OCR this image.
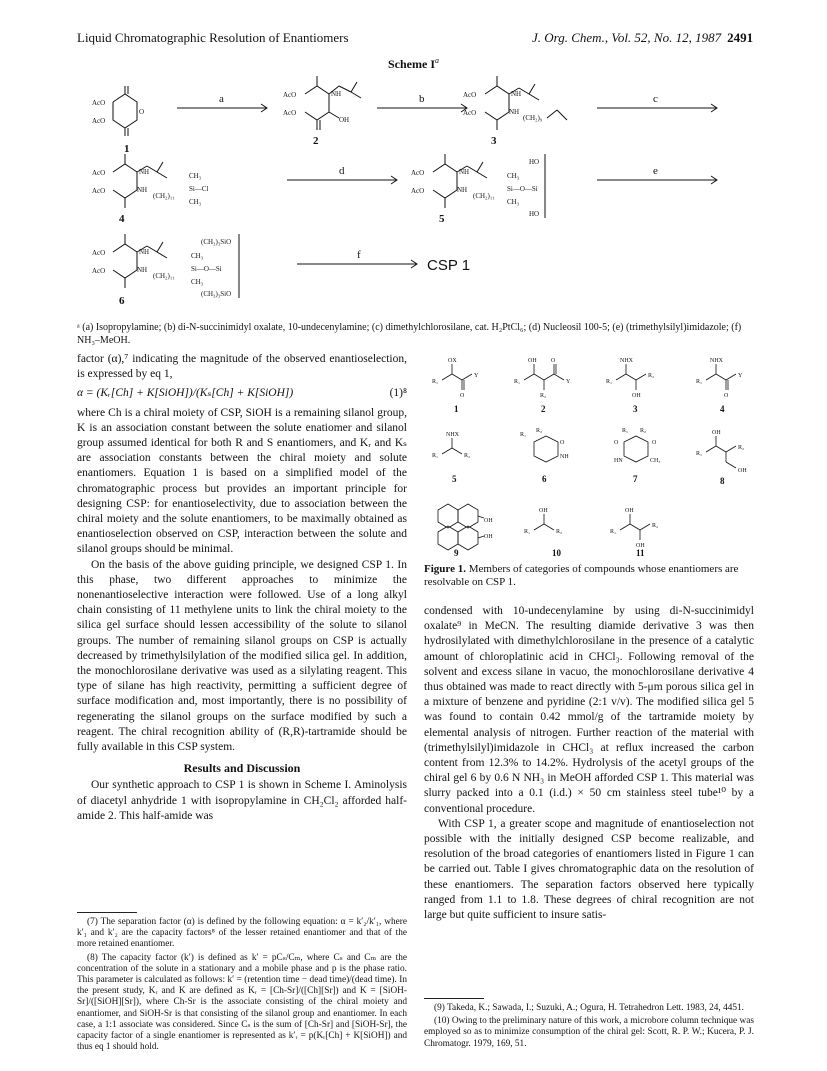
Liquid Chromatographic Resolution of Enantiomers	J. Org. Chem., Vol. 52, No. 12, 1987 2491
Scheme $I^a$
AcO
AcO
O
1
a	AcO
AcO
NH
OH
2
b	AcO
AcO
NH
NH
(CH₂)₉
3
c
AcO
AcO
NH
NH
(CH₂)₁₁
CH₃
Si—Cl
CH₃
4
d	AcO
AcO
NH
NH
(CH₂)₁₁
CH₃
Si—O—Si
CH₃
HO
HO
5
e
AcO
AcO
NH
NH
(CH₂)₁₁
CH₃
Si—O—Si
CH₃
(CH₃)₃SiO
(CH₃)₃SiO
6
f
CSP 1
ᵃ (a) Isopropylamine; (b) di-N-succinimidyl oxalate, 10-undecenylamine; (c) dimethylchlorosilane, cat. H₂PtCl₆; (d) Nucleosil 100-5; (e) (trimethylsilyl)imidazole; (f) NH₃–MeOH.

factor (α),⁷ indicating the magnitude of the observed enantioselection, is expressed by eq 1,

α = (Kᵣ[Ch] + K[SiOH])/(Kₛ[Ch] + K[SiOH])	(1)⁸

where Ch is a chiral moiety of CSP, SiOH is a remaining silanol group, K is an association constant between the solute enatiomer and silanol group assumed identical for both R and S enantiomers, and Kᵣ and Kₛ are association constants between the chiral moiety and solute enantiomers. Equation 1 is based on a simplified model of the chromatographic process but provides an important principle for designing CSP: for enantioselectivity, due to association between the chiral moiety and the solute enantiomers, to be maximally obtained as enantioselection observed on CSP, interaction between the solute and silanol groups should be minimal.

On the basis of the above guiding principle, we designed CSP 1. In this phase, two different approaches to minimize the nonenantioselective interaction were followed. Use of a long alkyl chain consisting of 11 methylene units to link the chiral moiety to the silica gel surface should lessen accessibility of the solute to silanol groups. The number of remaining silanol groups on CSP is actually decreased by trimethylsilylation of the modified silica gel. In addition, the monochlorosilane derivative was used as a silylating reagent. This type of silane has high reactivity, permitting a sufficient degree of surface modification and, most importantly, there is no possibility of regenerating the silanol groups on the surface modified by such a reagent. The chiral recognition ability of (R,R)-tartramide should be fully available in this CSP system.

Results and Discussion

Our synthetic approach to CSP 1 is shown in Scheme I. Aminolysis of diacetyl anhydride 1 with isopropylamine in CH₂Cl₂ afforded half-amide 2. This half-amide was

(7) The separation factor (α) is defined by the following equation: α = k′₂/k′₁, where k′₁ and k′₂ are the capacity factors⁸ of the lesser retained enantiomer and that of the more retained enantiomer.

(8) The capacity factor (k′) is defined as k′ = pCₛ/Cₘ, where Cₛ and Cₘ are the concentration of the solute in a stationary and a mobile phase and p is the phase ratio. This parameter is calculated as follows: k′ = (retention time − dead time)/(dead time). In the present study, Kᵣ and K are defined as Kᵣ = [Ch-Sr]/([Ch][Sr]) and K = [SiOH-Sr]/([SiOH][Sr]), where Ch-Sr is the associate consisting of the chiral moiety and enantiomer, and SiOH-Sr is that consisting of the silanol group and enantiomer. In each case, a 1:1 associate was considered. Since Cₛ is the sum of [Ch-Sr] and [SiOH-Sr], the capacity factor of a single enantiomer is represented as k′ᵣ = p(Kᵣ[Ch] + K[SiOH]) and thus eq 1 should hold.

OX
R₁
Y
O
1
OH O
R₁	Y
R₂
2
NHX
R₁
R₂
OH
3
NHX
R₁
Y
O
4
NHX
R₁	R₂
5
R₁
R₂
O
NH
6
R₁ R₂
O	O
HN	CH₃
7
OH
R₁
R₂
OH
8
OH
OH
9
OH
R₁	R₂
10
OH
R₁
R₂
OH
11
Figure 1. Members of categories of compounds whose enantiomers are resolvable on CSP 1.

condensed with 10-undecenylamine by using di-N-succinimidyl oxalate⁹ in MeCN. The resulting diamide derivative 3 was then hydrosilylated with dimethylchlorosilane in the presence of a catalytic amount of chloroplatinic acid in CHCl₃. Following removal of the solvent and excess silane in vacuo, the monochlorosilane derivative 4 thus obtained was made to react directly with 5-μm porous silica gel in a mixture of benzene and pyridine (2:1 v/v). The modified silica gel 5 was found to contain 0.42 mmol/g of the tartramide moiety by elemental analysis of nitrogen. Further reaction of the material with (trimethylsilyl)imidazole in CHCl₃ at reflux increased the carbon content from 12.3% to 14.2%. Hydrolysis of the acetyl groups of the chiral gel 6 by 0.6 N NH₃ in MeOH afforded CSP 1. This material was slurry packed into a 0.1 (i.d.) × 50 cm stainless steel tube¹⁰ by a conventional procedure.

With CSP 1, a greater scope and magnitude of enantioselection not possible with the initially designed CSP become realizable, and resolution of the broad categories of enantiomers listed in Figure 1 can be carried out. Table I gives chromatographic data on the resolution of these enantiomers. The separation factors observed here typically ranged from 1.1 to 1.8. These degrees of chiral recognition are not large but quite sufficient to insure satis-

(9) Takeda, K.; Sawada, I.; Suzuki, A.; Ogura, H. Tetrahedron Lett. 1983, 24, 4451.

(10) Owing to the preliminary nature of this work, a microbore column technique was employed so as to minimize consumption of the chiral gel: Scott, R. P. W.; Kucera, P. J. Chromatogr. 1979, 169, 51.
